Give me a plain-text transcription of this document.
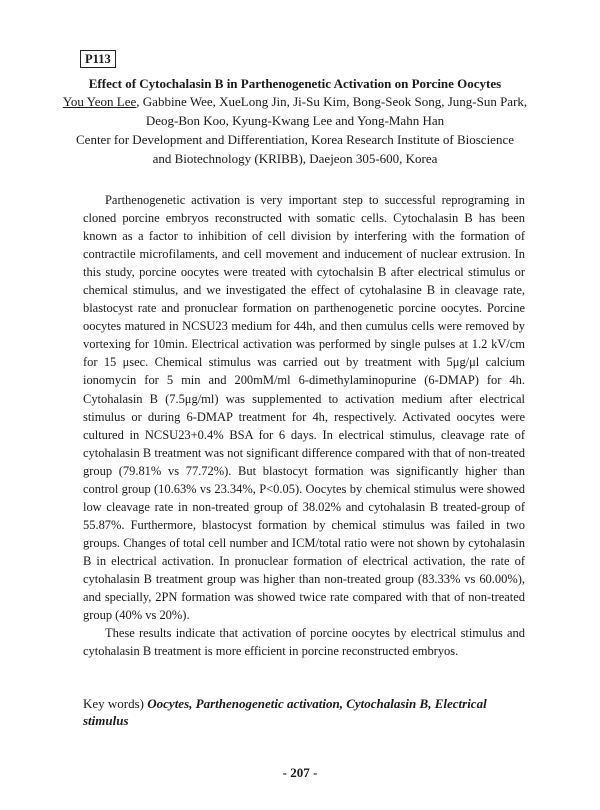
P113
Effect of Cytochalasin B in Parthenogenetic Activation on Porcine Oocytes
You Yeon Lee, Gabbine Wee, XueLong Jin, Ji-Su Kim, Bong-Seok Song, Jung-Sun Park,
Deog-Bon Koo, Kyung-Kwang Lee and Yong-Mahn Han
Center for Development and Differentiation, Korea Research Institute of Bioscience
and Biotechnology (KRIBB), Daejeon 305-600, Korea

Parthenogenetic activation is very important step to successful reprograming in cloned porcine embryos reconstructed with somatic cells. Cytochalasin B has been known as a factor to inhibition of cell division by interfering with the formation of contractile microfilaments, and cell movement and inducement of nuclear extrusion. In this study, porcine oocytes were treated with cytochalsin B after electrical stimulus or chemical stimulus, and we investigated the effect of cytohalasine B in cleavage rate, blastocyst rate and pronuclear formation on parthenogenetic porcine oocytes. Porcine oocytes matured in NCSU23 medium for 44h, and then cumulus cells were removed by vortexing for 10min. Electrical activation was performed by single pulses at 1.2 kV/cm for 15 μsec. Chemical stimulus was carried out by treatment with 5μg/μl calcium ionomycin for 5 min and 200mM/ml 6-dimethylaminopurine (6-DMAP) for 4h. Cytohalasin B (7.5μg/ml) was supplemented to activation medium after electrical stimulus or during 6-DMAP treatment for 4h, respectively. Activated oocytes were cultured in NCSU23+0.4% BSA for 6 days. In electrical stimulus, cleavage rate of cytohalasin B treatment was not significant difference compared with that of non-treated group (79.81% vs 77.72%). But blastocyt formation was significantly higher than control group (10.63% vs 23.34%, P<0.05). Oocytes by chemical stimulus were showed low cleavage rate in non-treated group of 38.02% and cytohalasin B treated-group of 55.87%. Furthermore, blastocyst formation by chemical stimulus was failed in two groups. Changes of total cell number and ICM/total ratio were not shown by cytohalasin B in electrical activation. In pronuclear formation of electrical activation, the rate of cytohalasin B treatment group was higher than non-treated group (83.33% vs 60.00%), and specially, 2PN formation was showed twice rate compared with that of non-treated group (40% vs 20%).

These results indicate that activation of porcine oocytes by electrical stimulus and cytohalasin B treatment is more efficient in porcine reconstructed embryos.

Key words) Oocytes, Parthenogenetic activation, Cytochalasin B, Electrical stimulus
- 207 -
